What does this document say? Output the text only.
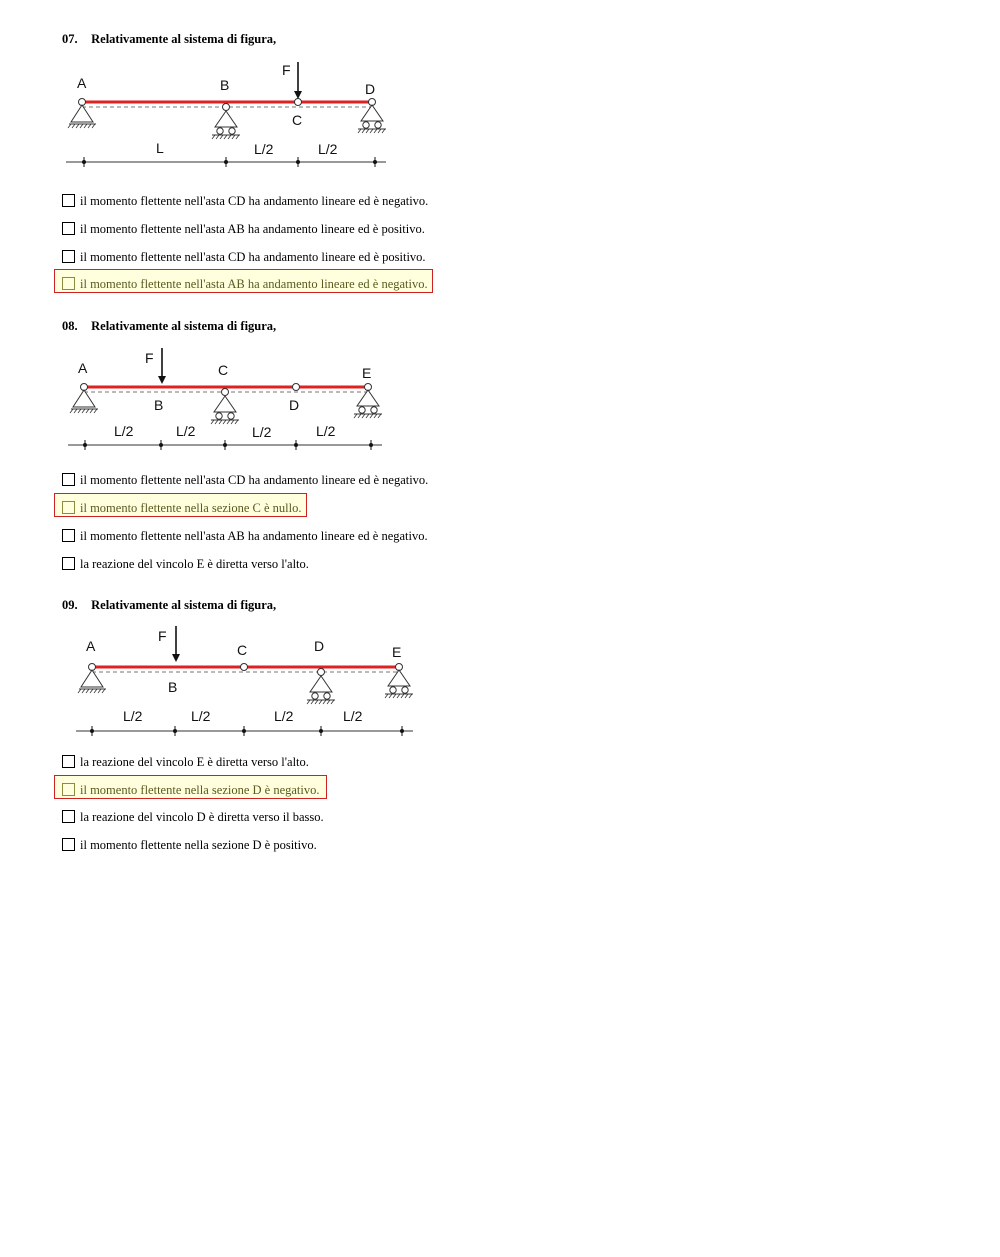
07. Relativamente al sistema di figura,
A	B
F
C
D
L	L/2	L/2
il momento flettente nell'asta CD ha andamento lineare ed è negativo.
il momento flettente nell'asta AB ha andamento lineare ed è positivo.
il momento flettente nell'asta CD ha andamento lineare ed è positivo.
il momento flettente nell'asta AB ha andamento lineare ed è negativo.
08. Relativamente al sistema di figura,
A
F
B
C
D
E
L/2	L/2	L/2	L/2
il momento flettente nell'asta CD ha andamento lineare ed è negativo.
il momento flettente nella sezione C è nullo.
il momento flettente nell'asta AB ha andamento lineare ed è negativo.
la reazione del vincolo E è diretta verso l'alto.
09. Relativamente al sistema di figura,
A
F
B
C	D	E
L/2	L/2	L/2	L/2
la reazione del vincolo E è diretta verso l'alto.
il momento flettente nella sezione D è negativo.
la reazione del vincolo D è diretta verso il basso.
il momento flettente nella sezione D è positivo.
